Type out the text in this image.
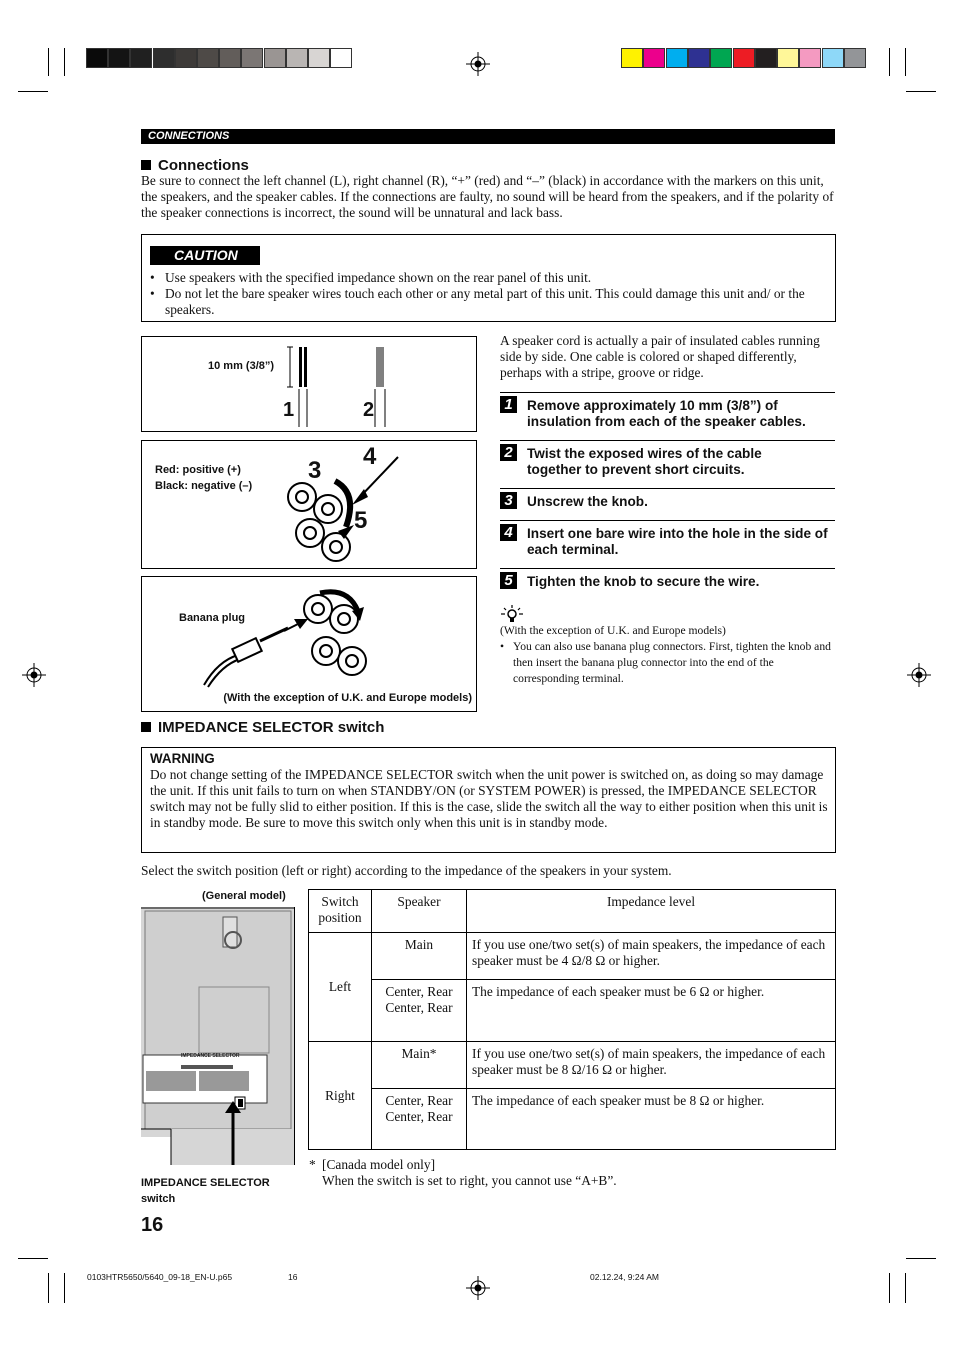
CONNECTIONS
Connections
Be sure to connect the left channel (L), right channel (R), “+” (red) and “–” (black) in accordance with the markers on this unit, the speakers, and the speaker cables. If the connections are faulty, no sound will be heard from the speakers, and if the polarity of the speaker connections is incorrect, the sound will be unnatural and lack bass.
CAUTION
• Use speakers with the specified impedance shown on the rear panel of this unit.
• Do not let the bare speaker wires touch each other or any metal part of this unit. This could damage this unit and/ or the speakers.
10 mm (3/8”)
1	2
Red: positive (+)
Black: negative (–)
3
4
5
Banana plug
(With the exception of U.K. and Europe models)
A speaker cord is actually a pair of insulated cables running side by side. One cable is colored or shaped differently, perhaps with a stripe, groove or ridge.
1	Remove approximately 10 mm (3/8”) of insulation from each of the speaker cables.
2	Twist the exposed wires of the cable together to prevent short circuits.
3	Unscrew the knob.
4	Insert one bare wire into the hole in the side of each terminal.
5	Tighten the knob to secure the wire.
(With the exception of U.K. and Europe models)
• You can also use banana plug connectors. First, tighten the knob and then insert the banana plug connector into the end of the corresponding terminal.
IMPEDANCE SELECTOR switch
WARNING
Do not change setting of the IMPEDANCE SELECTOR switch when the unit power is switched on, as doing so may damage the unit. If this unit fails to turn on when STANDBY/ON (or SYSTEM POWER) is pressed, the IMPEDANCE SELECTOR switch may not be fully slid to either position. If this is the case, slide the switch all the way to either position when this unit is in standby mode. Be sure to move this switch only when this unit is in standby mode.
Select the switch position (left or right) according to the impedance of the speakers in your system.
(General model)
IMPEDANCE SELECTOR
SET BEFORE POWER ON
IMPEDANCE SELECTOR
switch
Switch position	Speaker	Impedance level
Left	Main	If you use one/two set(s) of main speakers, the impedance of each speaker must be 4 Ω/8 Ω or higher.
	Center, Rear Center, Rear	The impedance of each speaker must be 6 Ω or higher.
Right	Main*	If you use one/two set(s) of main speakers, the impedance of each speaker must be 8 Ω/16 Ω or higher.
	Center, Rear Center, Rear	The impedance of each speaker must be 8 Ω or higher.
* [Canada model only]
When the switch is set to right, you cannot use “A+B”.
16
0103HTR5650/5640_09-18_EN-U.p65	16	02.12.24, 9:24 AM
